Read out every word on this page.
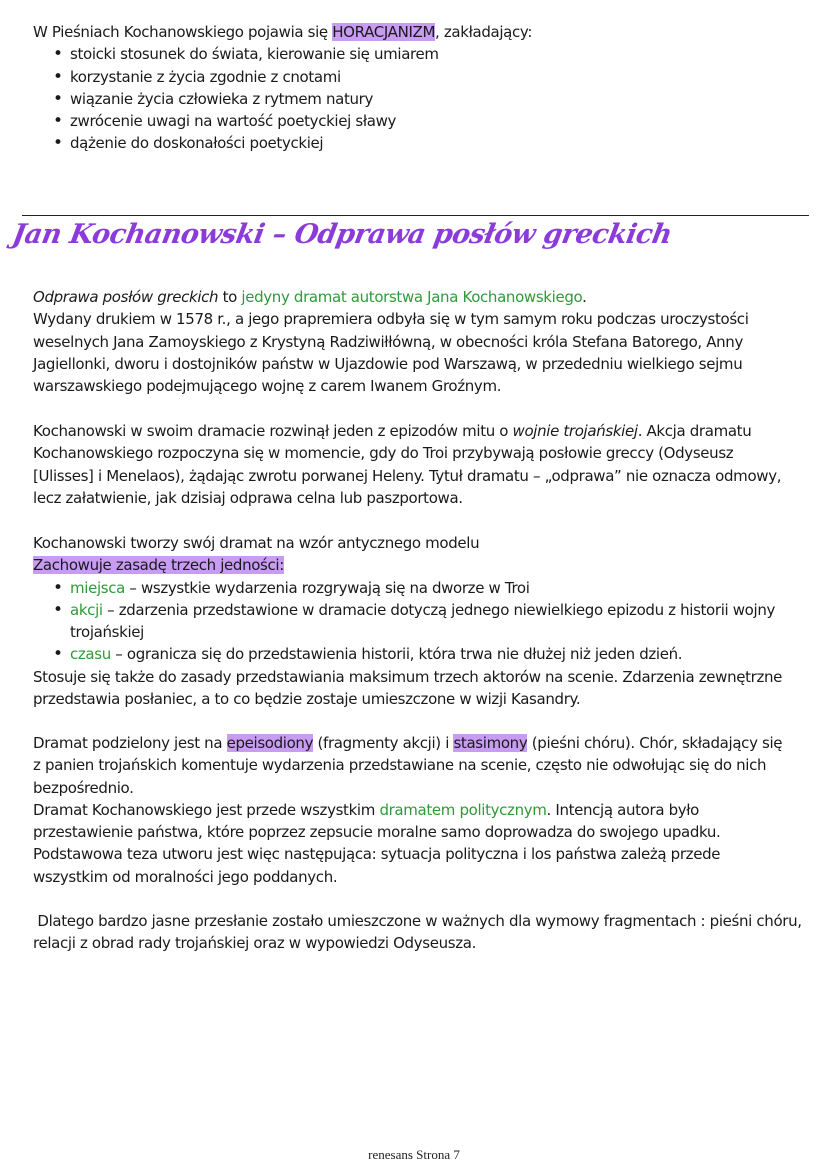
W Pieśniach Kochanowskiego pojawia się HORACJANIZM, zakładający:
• stoicki stosunek do świata, kierowanie się umiarem
• korzystanie z życia zgodnie z cnotami
• wiązanie życia człowieka z rytmem natury
• zwrócenie uwagi na wartość poetyckiej sławy
• dążenie do doskonałości poetyckiej
Jan Kochanowski – Odprawa posłów greckich
Odprawa posłów greckich to jedyny dramat autorstwa Jana Kochanowskiego.
Wydany drukiem w 1578 r., a jego prapremiera odbyła się w tym samym roku podczas uroczystości
weselnych Jana Zamoyskiego z Krystyną Radziwiłłówną, w obecności króla Stefana Batorego, Anny
Jagiellonki, dworu i dostojników państw w Ujazdowie pod Warszawą, w przededniu wielkiego sejmu
warszawskiego podejmującego wojnę z carem Iwanem Groźnym.
Kochanowski w swoim dramacie rozwinął jeden z epizodów mitu o wojnie trojańskiej. Akcja dramatu
Kochanowskiego rozpoczyna się w momencie, gdy do Troi przybywają posłowie greccy (Odyseusz
[Ulisses] i Menelaos), żądając zwrotu porwanej Heleny. Tytuł dramatu – „odprawa” nie oznacza odmowy,
lecz załatwienie, jak dzisiaj odprawa celna lub paszportowa.
Kochanowski tworzy swój dramat na wzór antycznego modelu
Zachowuje zasadę trzech jedności:
• miejsca – wszystkie wydarzenia rozgrywają się na dworze w Troi
• akcji – zdarzenia przedstawione w dramacie dotyczą jednego niewielkiego epizodu z historii wojny
trojańskiej
• czasu – ogranicza się do przedstawienia historii, która trwa nie dłużej niż jeden dzień.
Stosuje się także do zasady przedstawiania maksimum trzech aktorów na scenie. Zdarzenia zewnętrzne
przedstawia posłaniec, a to co będzie zostaje umieszczone w wizji Kasandry.
Dramat podzielony jest na epeisodiony (fragmenty akcji) i stasimony (pieśni chóru). Chór, składający się
z panien trojańskich komentuje wydarzenia przedstawiane na scenie, często nie odwołując się do nich
bezpośrednio.
Dramat Kochanowskiego jest przede wszystkim dramatem politycznym. Intencją autora było
przestawienie państwa, które poprzez zepsucie moralne samo doprowadza do swojego upadku.
Podstawowa teza utworu jest więc następująca: sytuacja polityczna i los państwa zależą przede
wszystkim od moralności jego poddanych.
Dlatego bardzo jasne przesłanie zostało umieszczone w ważnych dla wymowy fragmentach : pieśni chóru,
relacji z obrad rady trojańskiej oraz w wypowiedzi Odyseusza.
renesans Strona 7
